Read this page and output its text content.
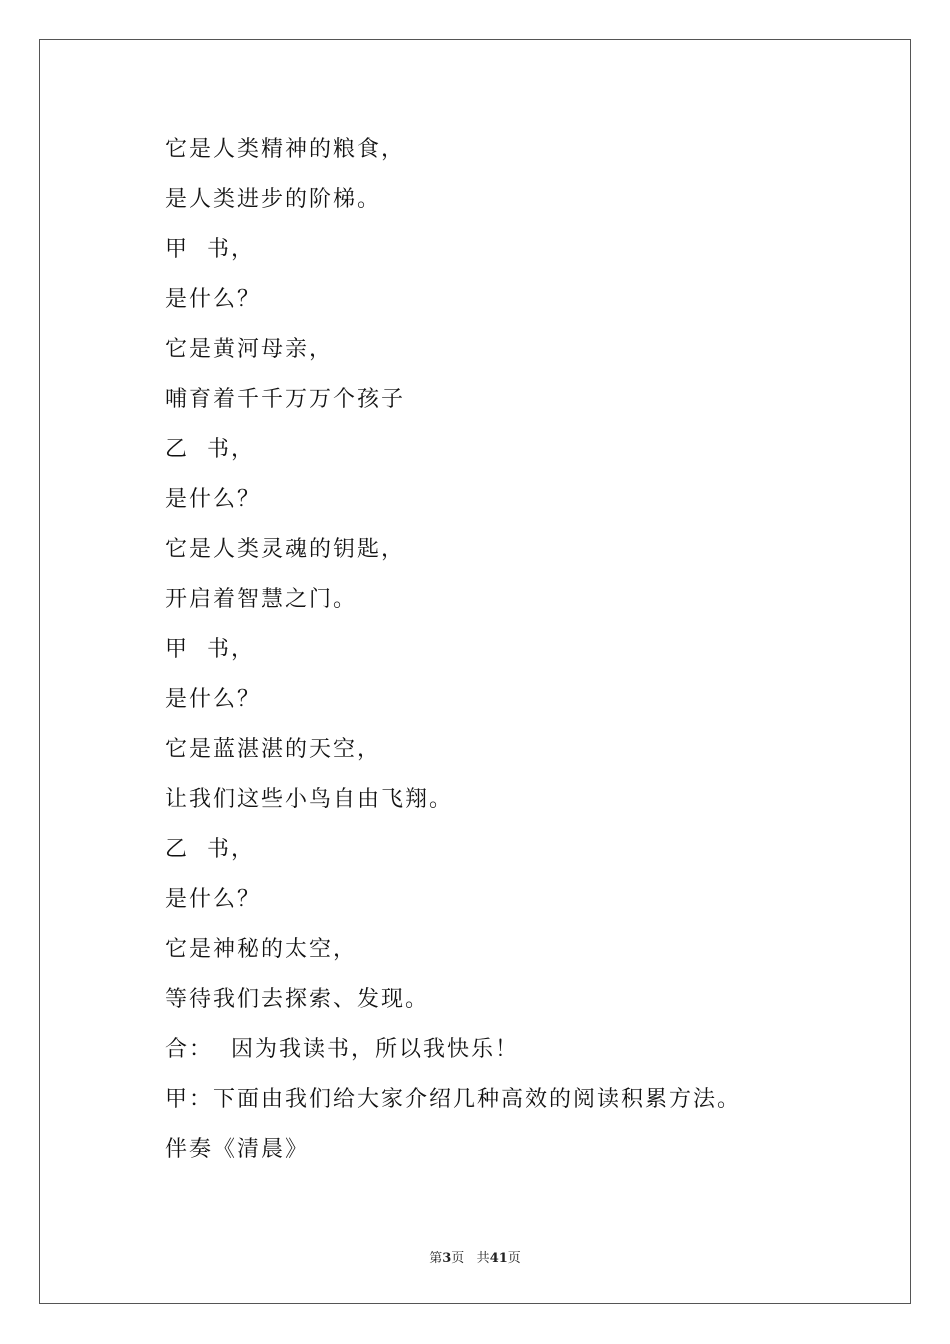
它是人类精神的粮食，
是人类进步的阶梯。
甲  书，
是什么？
它是黄河母亲，
哺育着千千万万个孩子
乙  书，
是什么？
它是人类灵魂的钥匙，
开启着智慧之门。
甲  书，
是什么？
它是蓝湛湛的天空，
让我们这些小鸟自由飞翔。
乙  书，
是什么？
它是神秘的太空，
等待我们去探索、发现。
合：  因为我读书，所以我快乐！
甲：下面由我们给大家介绍几种高效的阅读积累方法。
伴奏《清晨》
第3页 共41页
